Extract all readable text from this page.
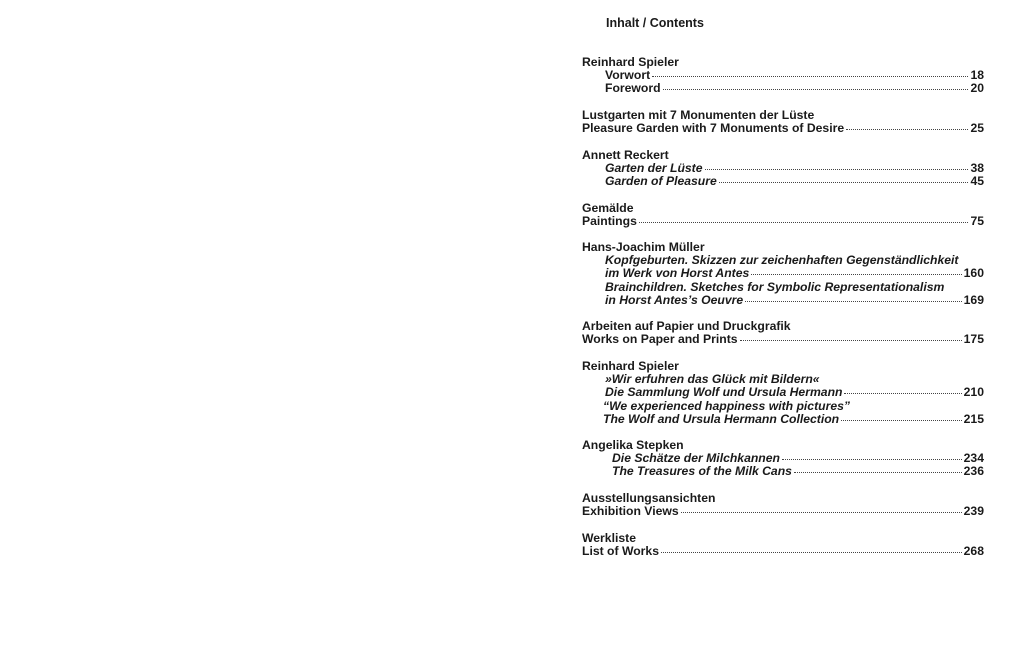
Inhalt / Contents
Reinhard Spieler
Vorwort	18
Foreword	20
Lustgarten mit 7 Monumenten der Lüste
Pleasure Garden with 7 Monuments of Desire	25
Annett Reckert
Garten der Lüste	38
Garden of Pleasure	45
Gemälde
Paintings	75
Hans-Joachim Müller
Kopfgeburten. Skizzen zur zeichenhaften Gegenständlichkeit
im Werk von Horst Antes	160
Brainchildren. Sketches for Symbolic Representationalism
in Horst Antes’s Oeuvre	169
Arbeiten auf Papier und Druckgrafik
Works on Paper and Prints	175
Reinhard Spieler
»Wir erfuhren das Glück mit Bildern«
Die Sammlung Wolf und Ursula Hermann	210
“We experienced happiness with pictures”
The Wolf and Ursula Hermann Collection	215
Angelika Stepken
Die Schätze der Milchkannen	234
The Treasures of the Milk Cans	236
Ausstellungsansichten
Exhibition Views	239
Werkliste
List of Works	268
